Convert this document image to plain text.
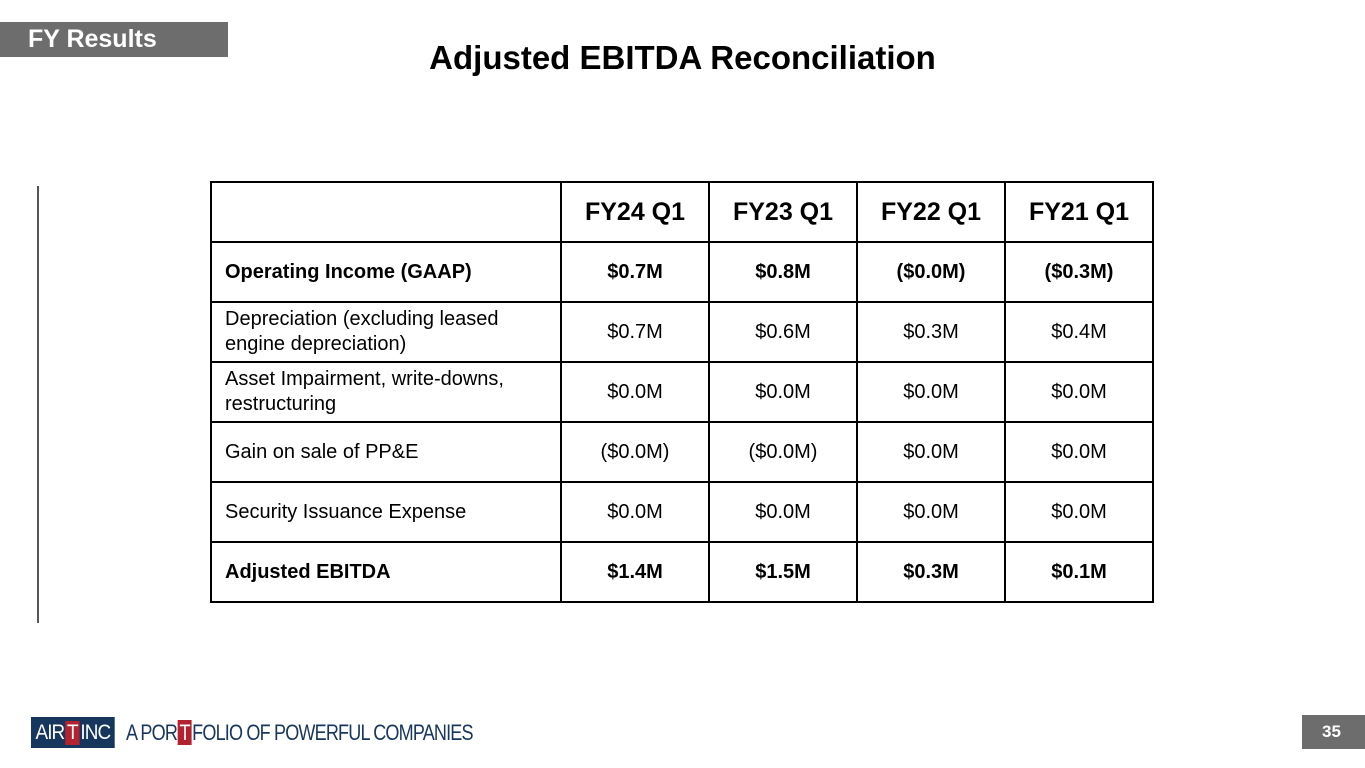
FY Results	Adjusted EBITDA Reconciliation
	FY24 Q1	FY23 Q1	FY22 Q1	FY21 Q1
Operating Income (GAAP)	$0.7M	$0.8M	($0.0M)	($0.3M)
Depreciation (excluding leased engine depreciation)	$0.7M	$0.6M	$0.3M	$0.4M
Asset Impairment, write-downs, restructuring	$0.0M	$0.0M	$0.0M	$0.0M
Gain on sale of PP&E	($0.0M)	($0.0M)	$0.0M	$0.0M
Security Issuance Expense	$0.0M	$0.0M	$0.0M	$0.0M
Adjusted EBITDA	$1.4M	$1.5M	$0.3M	$0.1M
AIR T INC A POR T FOLIO OF POWERFUL COMPANIES	35
